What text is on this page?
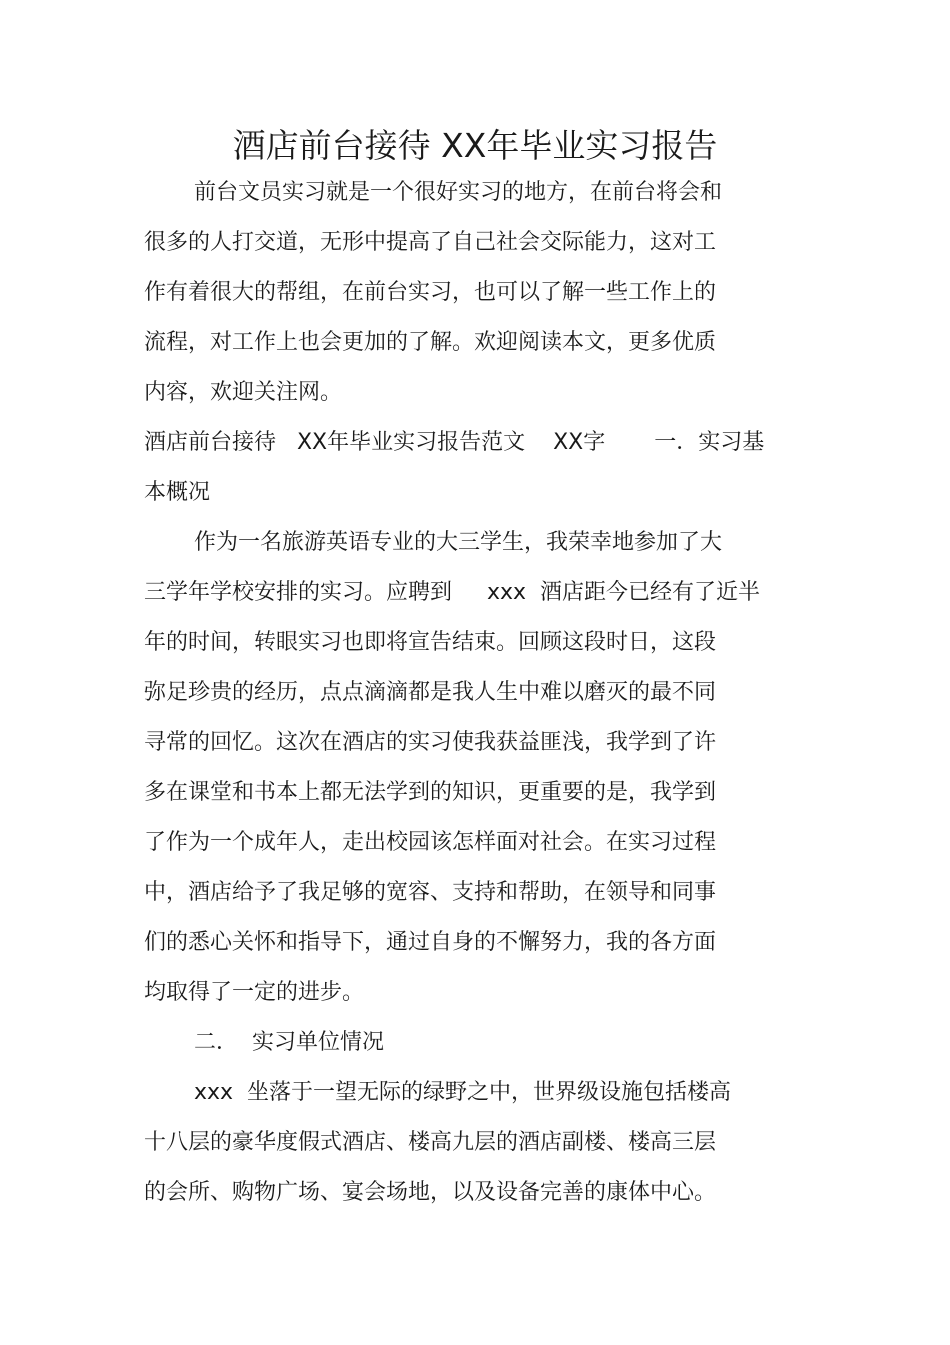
酒店前台接待 XX年毕业实习报告
前台文员实习就是一个很好实习的地方，在前台将会和
很多的人打交道，无形中提高了自己社会交际能力，这对工
作有着很大的帮组，在前台实习，也可以了解一些工作上的
流程，对工作上也会更加的了解。欢迎阅读本文，更多优质
内容，欢迎关注网。
酒店前台接待   XX年毕业实习报告范文    XX字       一．实习基
本概况
作为一名旅游英语专业的大三学生，我荣幸地参加了大
三学年学校安排的实习。应聘到     xxx  酒店距今已经有了近半
年的时间，转眼实习也即将宣告结束。回顾这段时日，这段
弥足珍贵的经历，点点滴滴都是我人生中难以磨灭的最不同
寻常的回忆。这次在酒店的实习使我获益匪浅，我学到了许
多在课堂和书本上都无法学到的知识，更重要的是，我学到
了作为一个成年人，走出校园该怎样面对社会。在实习过程
中，酒店给予了我足够的宽容、支持和帮助，在领导和同事
们的悉心关怀和指导下，通过自身的不懈努力，我的各方面
均取得了一定的进步。
二．  实习单位情况
xxx  坐落于一望无际的绿野之中，世界级设施包括楼高
十八层的豪华度假式酒店、楼高九层的酒店副楼、楼高三层
的会所、购物广场、宴会场地，以及设备完善的康体中心。
